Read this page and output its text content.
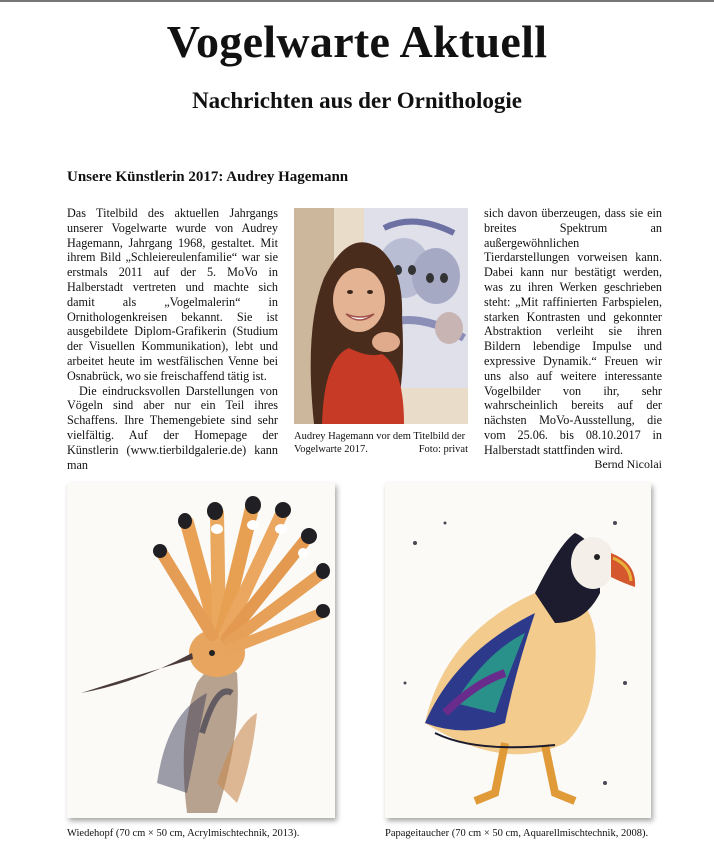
Vogelwarte Aktuell
Nachrichten aus der Ornithologie
Unsere Künstlerin 2017: Audrey Hagemann

Das Titelbild des aktuellen Jahrgangs unserer Vogelwarte wurde von Audrey Hagemann, Jahrgang 1968, gestaltet. Mit ihrem Bild „Schleiereulenfamilie“ war sie erstmals 2011 auf der 5. MoVo in Halberstadt vertreten und machte sich damit als „Vogelmalerin“ in Ornithologenkreisen bekannt. Sie ist ausgebildete Diplom-Grafikerin (Studium der Visuellen Kommunikation), lebt und arbeitet heute im westfälischen Venne bei Osnabrück, wo sie freischaffend tätig ist.

Die eindrucksvollen Darstellungen von Vögeln sind aber nur ein Teil ihres Schaffens. Ihre Themengebiete sind sehr vielfältig. Auf der Homepage der Künstlerin (www.tierbildgalerie.de) kann man

Audrey Hagemann vor dem Titelbild der Vogelwarte 2017.	Foto: privat

sich davon überzeugen, dass sie ein breites Spektrum an außergewöhnlichen Tierdarstellungen vorweisen kann. Dabei kann nur bestätigt werden, was zu ihren Werken geschrieben steht: „Mit raffinierten Farbspielen, starken Kontrasten und gekonnter Abstraktion verleiht sie ihren Bildern lebendige Impulse und expressive Dynamik.“ Freuen wir uns also auf weitere interessante Vogelbilder von ihr, sehr wahrscheinlich bereits auf der nächsten MoVo-Ausstellung, die vom 25.06. bis 08.10.2017 in Halberstadt stattfinden wird.

Bernd Nicolai
Wiedehopf (70 cm × 50 cm, Acrylmischtechnik, 2013).	Papageitaucher (70 cm × 50 cm, Aquarellmischtechnik, 2008).
